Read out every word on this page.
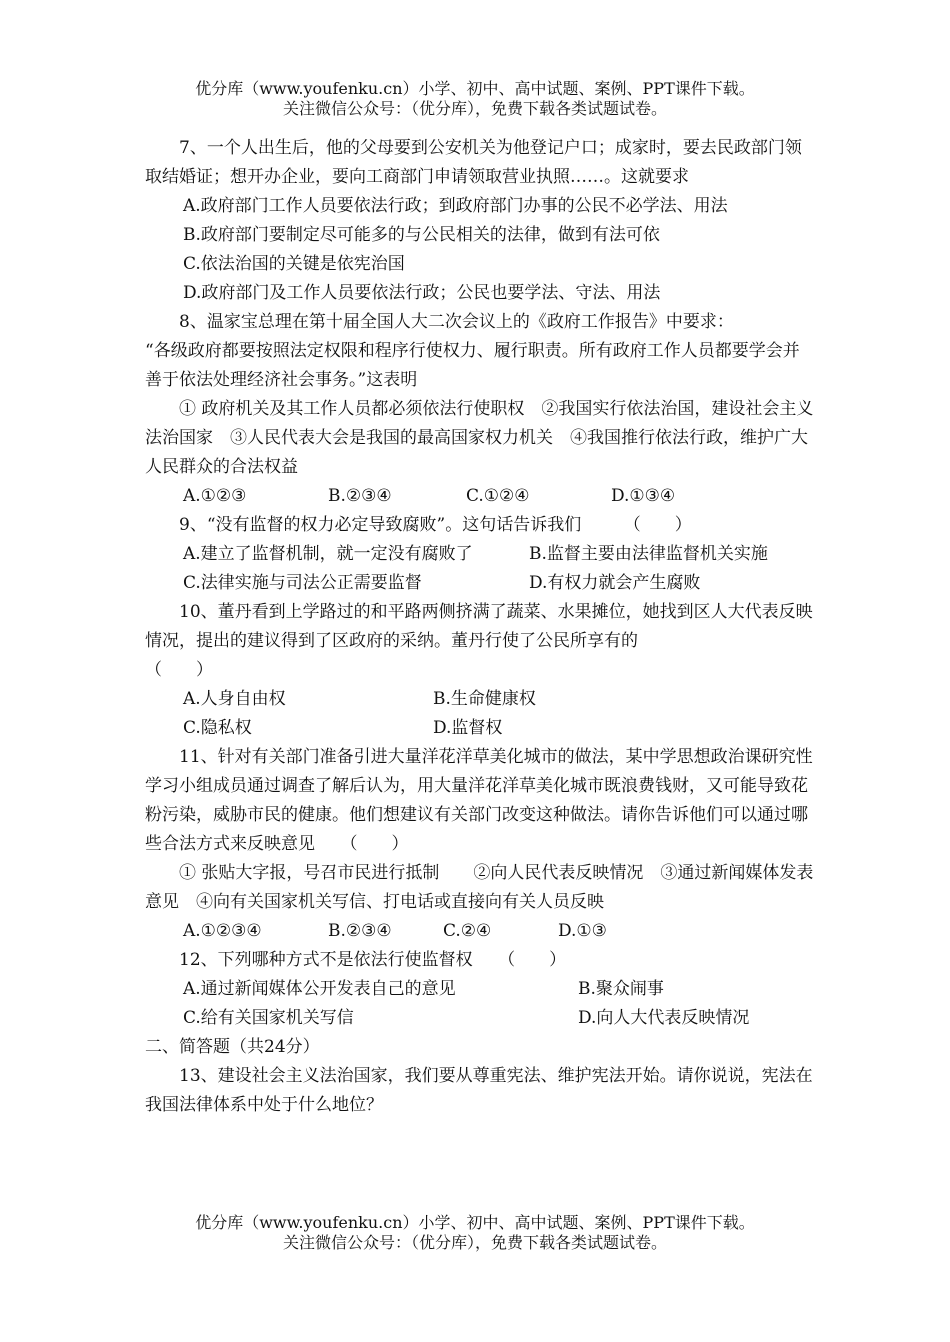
优分库（www.youfenku.cn）小学、初中、高中试题、案例、PPT课件下载。
关注微信公众号：（优分库），免费下载各类试题试卷。

7、一个人出生后，他的父母要到公安机关为他登记户口；成家时，要去民政部门领取结婚证；想开办企业，要向工商部门申请领取营业执照……。这就要求

A.政府部门工作人员要依法行政；到政府部门办事的公民不必学法、用法

B.政府部门要制定尽可能多的与公民相关的法律，做到有法可依

C.依法治国的关键是依宪治国

D.政府部门及工作人员要依法行政；公民也要学法、守法、用法

8、温家宝总理在第十届全国人大二次会议上的《政府工作报告》中要求：

“各级政府都要按照法定权限和程序行使权力、履行职责。所有政府工作人员都要学会并善于依法处理经济社会事务。”这表明

① 政府机关及其工作人员都必须依法行使职权　②我国实行依法治国，建设社会主义法治国家　③人民代表大会是我国的最高国家权力机关　④我国推行依法行政，维护广大人民群众的合法权益

A.①②③	B.②③④	C.①②④	D.①③④

9、“没有监督的权力必定导致腐败”。这句话告诉我们　　　（　　）

A.建立了监督机制，就一定没有腐败了	B.监督主要由法律监督机关实施
C.法律实施与司法公正需要监督	D.有权力就会产生腐败

10、董丹看到上学路过的和平路两侧挤满了蔬菜、水果摊位，她找到区人大代表反映情况，提出的建议得到了区政府的采纳。董丹行使了公民所享有的

（　　）

A.人身自由权	B.生命健康权
C.隐私权	D.监督权

11、针对有关部门准备引进大量洋花洋草美化城市的做法，某中学思想政治课研究性学习小组成员通过调查了解后认为，用大量洋花洋草美化城市既浪费钱财，又可能导致花粉污染，威胁市民的健康。他们想建议有关部门改变这种做法。请你告诉他们可以通过哪些合法方式来反映意见　　（　　）

① 张贴大字报，号召市民进行抵制　　②向人民代表反映情况　③通过新闻媒体发表意见　④向有关国家机关写信、打电话或直接向有关人员反映

A.①②③④	B.②③④	C.②④	D.①③

12、下列哪种方式不是依法行使监督权　　（　　）

A.通过新闻媒体公开发表自己的意见	B.聚众闹事
C.给有关国家机关写信	D.向人大代表反映情况

二、简答题（共24分）

13、建设社会主义法治国家，我们要从尊重宪法、维护宪法开始。请你说说，宪法在我国法律体系中处于什么地位？

优分库（www.youfenku.cn）小学、初中、高中试题、案例、PPT课件下载。
关注微信公众号：（优分库），免费下载各类试题试卷。
